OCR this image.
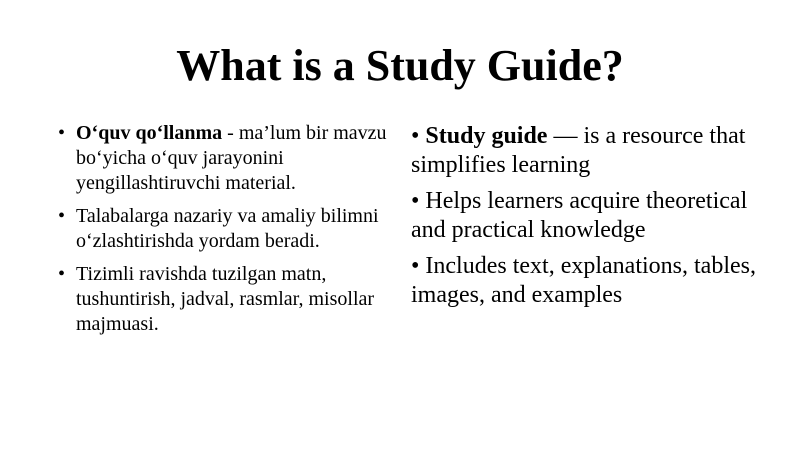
What is a Study Guide?
• O‘quv qo‘llanma - ma’lum bir mavzu bo‘yicha o‘quv jarayonini yengillashtiruvchi material.
• Talabalarga nazariy va amaliy bilimni o‘zlashtirishda yordam beradi.
• Tizimli ravishda tuzilgan matn, tushuntirish, jadval, rasmlar, misollar majmuasi.

• Study guide — is a resource that simplifies learning

• Helps learners acquire theoretical and practical knowledge

• Includes text, explanations, tables, images, and examples
